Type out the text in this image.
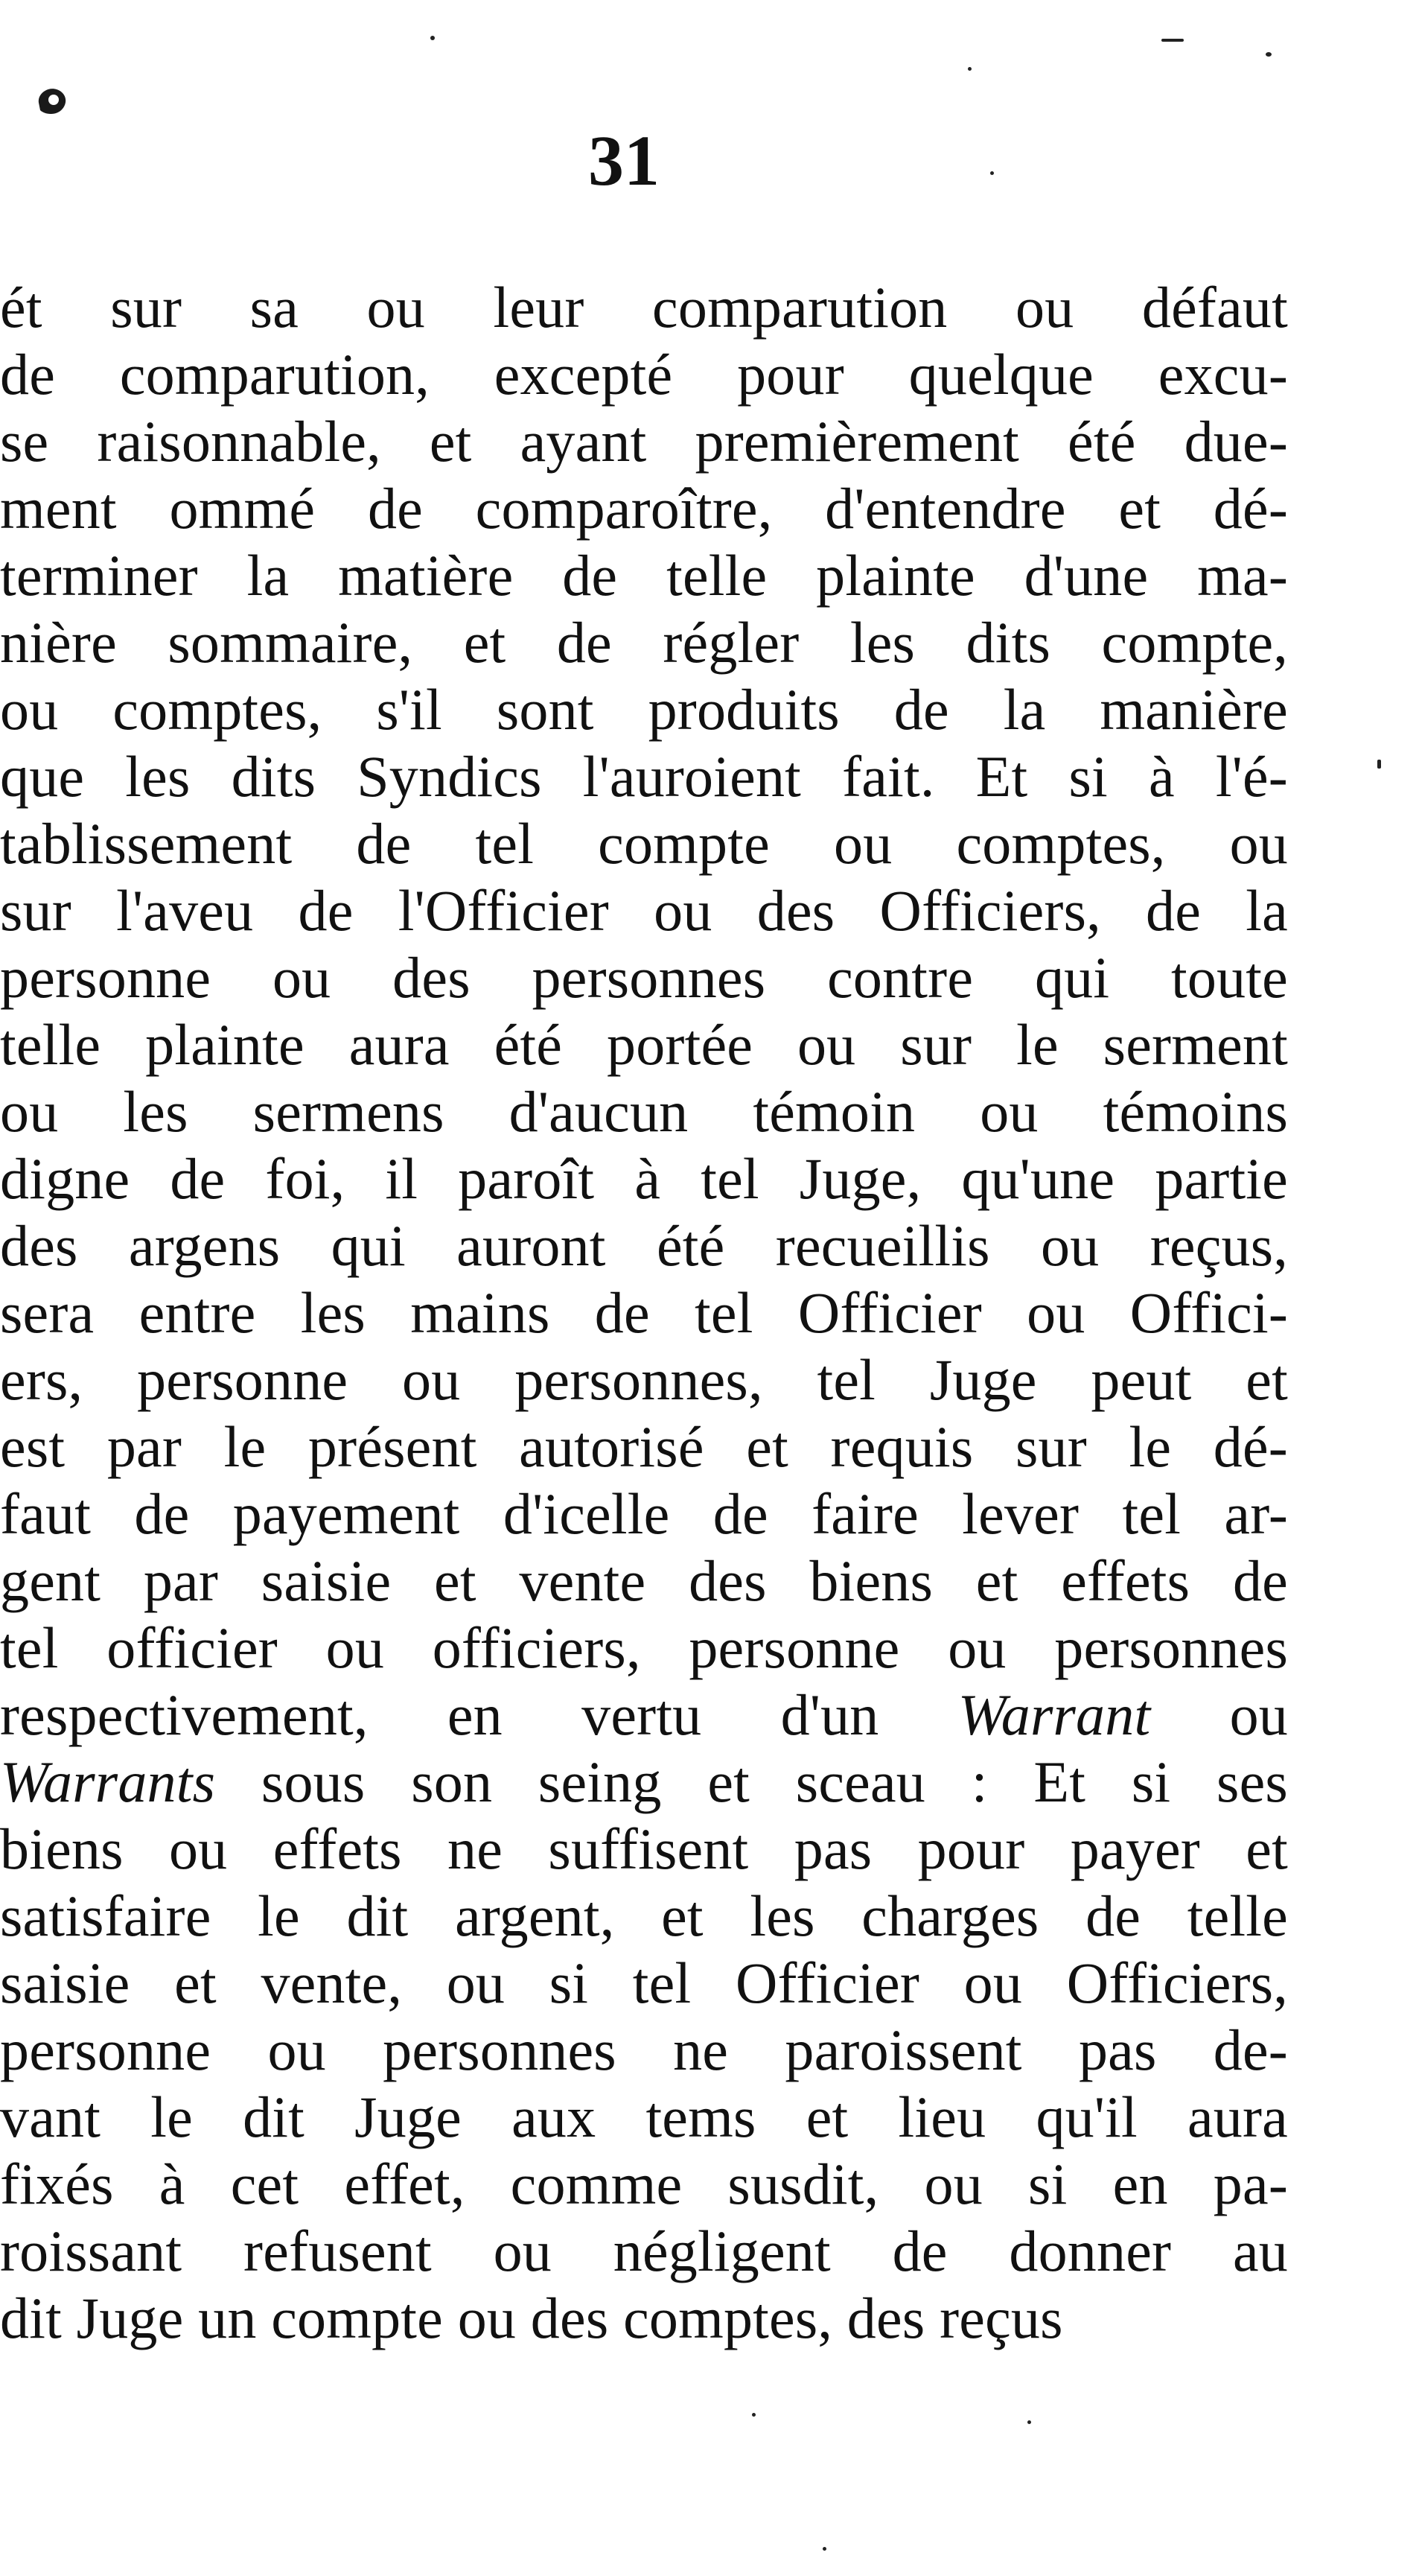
31
ét sur sa ou leur comparution ou défaut
de comparution, excepté pour quelque excu-
se raisonnable, et ayant premièrement été due-
ment ommé de comparoître, d'entendre et dé-
terminer la matière de telle plainte d'une ma-
nière sommaire, et de régler les dits compte,
ou comptes, s'il sont produits de la manière
que les dits Syndics l'auroient fait. Et si à l'é-
tablissement de tel compte ou comptes, ou
sur l'aveu de l'Officier ou des Officiers, de la
personne ou des personnes contre qui toute
telle plainte aura été portée ou sur le serment
ou les sermens d'aucun témoin ou témoins
digne de foi, il paroît à tel Juge, qu'une partie
des argens qui auront été recueillis ou reçus,
sera entre les mains de tel Officier ou Offici-
ers, personne ou personnes, tel Juge peut et
est par le présent autorisé et requis sur le dé-
faut de payement d'icelle de faire lever tel ar-
gent par saisie et vente des biens et effets de
tel officier ou officiers, personne ou personnes
respectivement, en vertu d'un Warrant ou
Warrants sous son seing et sceau : Et si ses
biens ou effets ne suffisent pas pour payer et
satisfaire le dit argent, et les charges de telle
saisie et vente, ou si tel Officier ou Officiers,
personne ou personnes ne paroissent pas de-
vant le dit Juge aux tems et lieu qu'il aura
fixés à cet effet, comme susdit, ou si en pa-
roissant refusent ou négligent de donner au
dit Juge un compte ou des comptes, des reçus
